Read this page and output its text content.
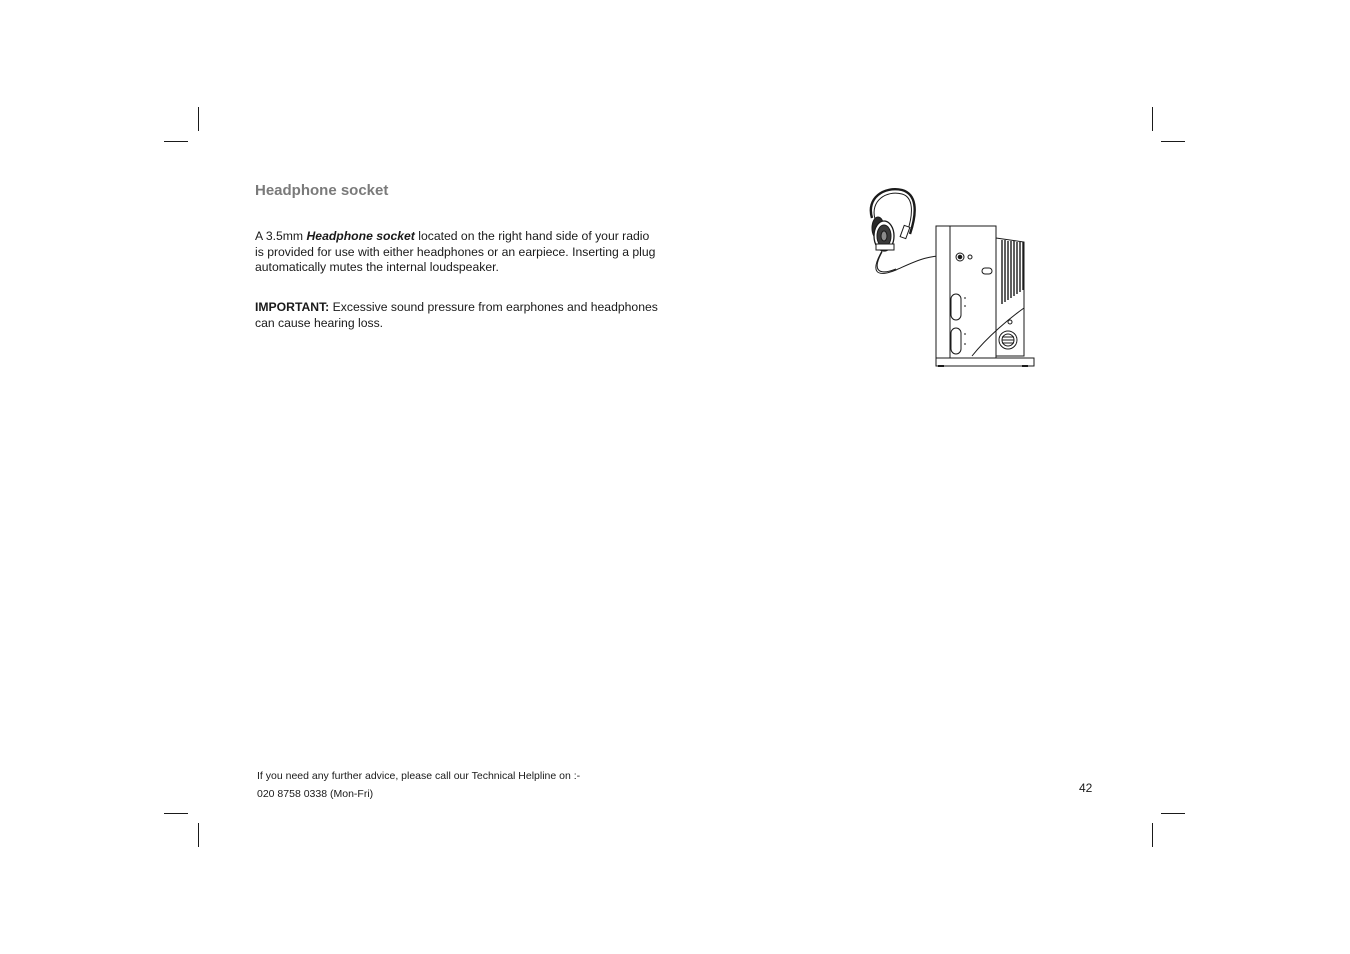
Headphone socket

A 3.5mm Headphone socket located on the right hand side of your radio
is provided for use with either headphones or an earpiece. Inserting a plug
automatically mutes the internal loudspeaker.

IMPORTANT: Excessive sound pressure from earphones and headphones
can cause hearing loss.

If you need any further advice, please call our Technical Helpline on :-

020 8758 0338 (Mon-Fri)	42
